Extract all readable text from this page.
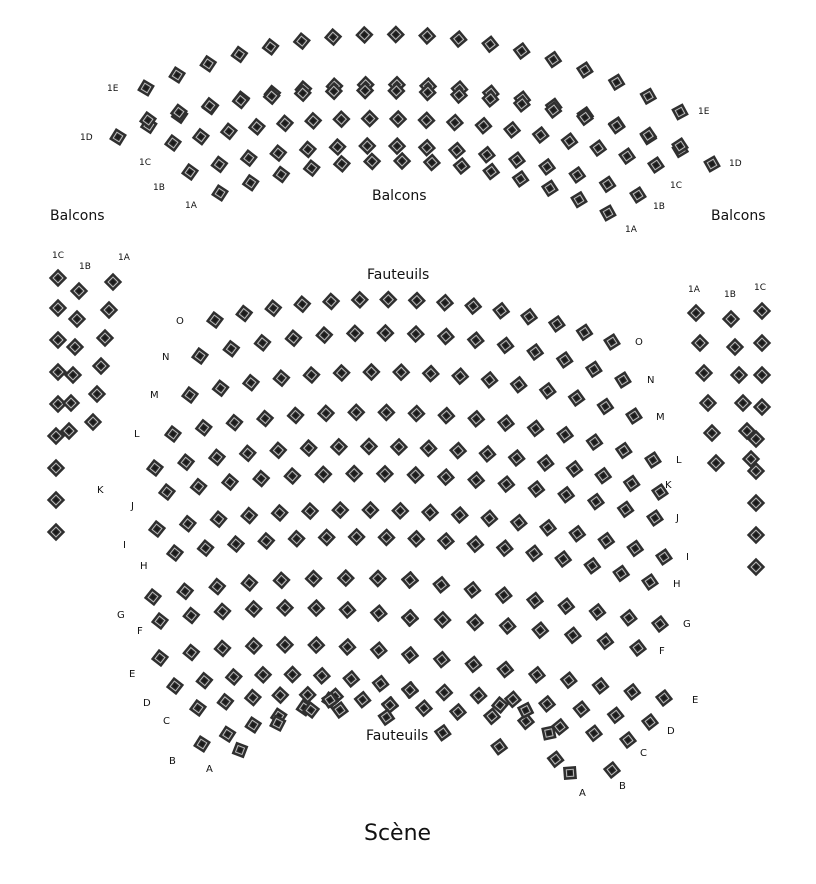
Balcons
Balcons
Balcons
Fauteuils
Fauteuils
Scène
1E
1D
1C
1B
1A
1E
1D
1C
1B
1A
1C
1B
1A
1A	1B
1C
O
N
M
L
K
J
I
H
G
F
E
D
C
B
A
O
N
M
L
K
J
I
H
G
F
E
D
C
B
A
